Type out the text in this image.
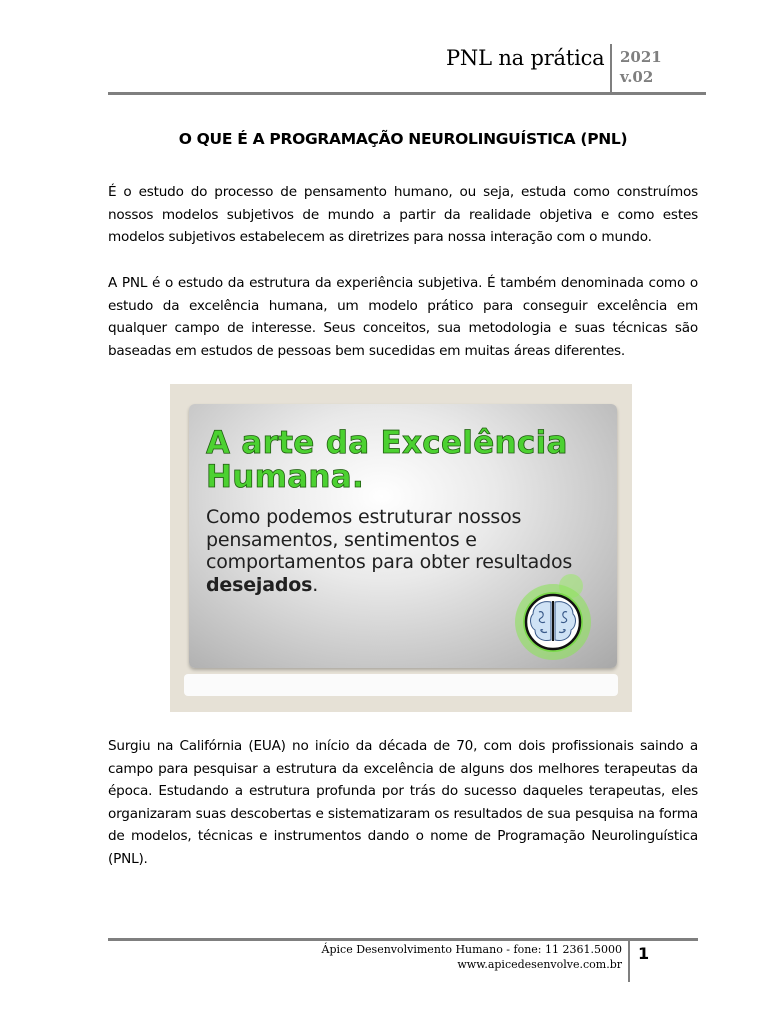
PNL na prática 2021
v.02
O QUE É A PROGRAMAÇÃO NEUROLINGUÍSTICA (PNL)

É o estudo do processo de pensamento humano, ou seja, estuda como construímos nossos modelos subjetivos de mundo a partir da realidade objetiva e como estes modelos subjetivos estabelecem as diretrizes para nossa interação com o mundo.

A PNL é o estudo da estrutura da experiência subjetiva. É também denominada como o estudo da excelência humana, um modelo prático para conseguir excelência em qualquer campo de interesse. Seus conceitos, sua metodologia e suas técnicas são baseadas em estudos de pessoas bem sucedidas em muitas áreas diferentes.

A arte da Excelência
Humana.

Como podemos estruturar nossos pensamentos, sentimentos e comportamentos para obter resultados desejados.

Surgiu na Califórnia (EUA) no início da década de 70, com dois profissionais saindo a campo para pesquisar a estrutura da excelência de alguns dos melhores terapeutas da época. Estudando a estrutura profunda por trás do sucesso daqueles terapeutas, eles organizaram suas descobertas e sistematizaram os resultados de sua pesquisa na forma de modelos, técnicas e instrumentos dando o nome de Programação Neurolinguística (PNL).

Ápice Desenvolvimento Humano - fone: 11 2361.5000
www.apicedesenvolve.com.br
1
